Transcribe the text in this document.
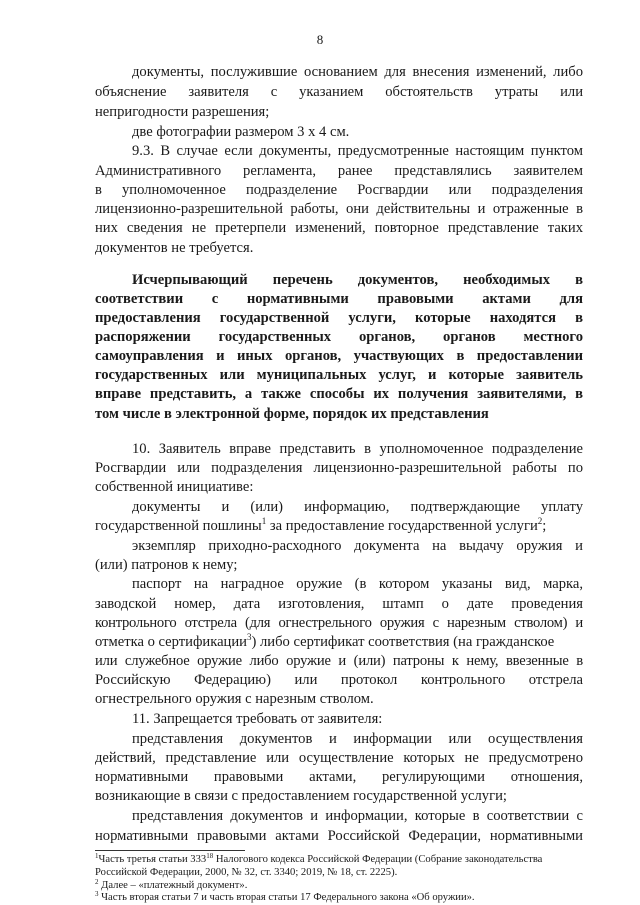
8
документы, послужившие основанием для внесения изменений, либо
объяснение заявителя с указанием обстоятельств утраты или
непригодности разрешения;
две фотографии размером 3 х 4 см.
9.3. В случае если документы, предусмотренные настоящим пунктом
Административного регламента, ранее представлялись заявителем
в уполномоченное подразделение Росгвардии или подразделения
лицензионно-разрешительной работы, они действительны и отраженные в
них сведения не претерпели изменений, повторное представление таких
документов не требуется.
Исчерпывающий перечень документов, необходимых в
соответствии с нормативными правовыми актами для
предоставления государственной услуги, которые находятся в
распоряжении государственных органов, органов местного
самоуправления и иных органов, участвующих в предоставлении
государственных или муниципальных услуг, и которые заявитель
вправе представить, а также способы их получения заявителями, в
том числе в электронной форме, порядок их представления
10. Заявитель вправе представить в уполномоченное подразделение
Росгвардии или подразделения лицензионно-разрешительной работы по
собственной инициативе:
документы и (или) информацию, подтверждающие уплату
государственной пошлины$^1$ за предоставление государственной услуги$^2$;
экземпляр приходно-расходного документа на выдачу оружия и
(или) патронов к нему;
паспорт на наградное оружие (в котором указаны вид, марка,
заводской номер, дата изготовления, штамп о дате проведения
контрольного отстрела (для огнестрельного оружия с нарезным стволом) и
отметка о сертификации$^3$) либо сертификат соответствия (на гражданское
или служебное оружие либо оружие и (или) патроны к нему, ввезенные в
Российскую Федерацию) или протокол контрольного отстрела
огнестрельного оружия с нарезным стволом.
11. Запрещается требовать от заявителя:
представления документов и информации или осуществления
действий, представление или осуществление которых не предусмотрено
нормативными правовыми актами, регулирующими отношения,
возникающие в связи с предоставлением государственной услуги;
представления документов и информации, которые в соответствии с
нормативными правовыми актами Российской Федерации, нормативными
$^1$Часть третья статьи $333^{18}$ Налогового кодекса Российской Федерации (Собрание законодательства
Российской Федерации, 2000, № 32, ст. 3340; 2019, № 18, ст. 2225).
$^2$ Далее – «платежный документ».
$^3$ Часть вторая статьи 7 и часть вторая статьи 17 Федерального закона «Об оружии».
